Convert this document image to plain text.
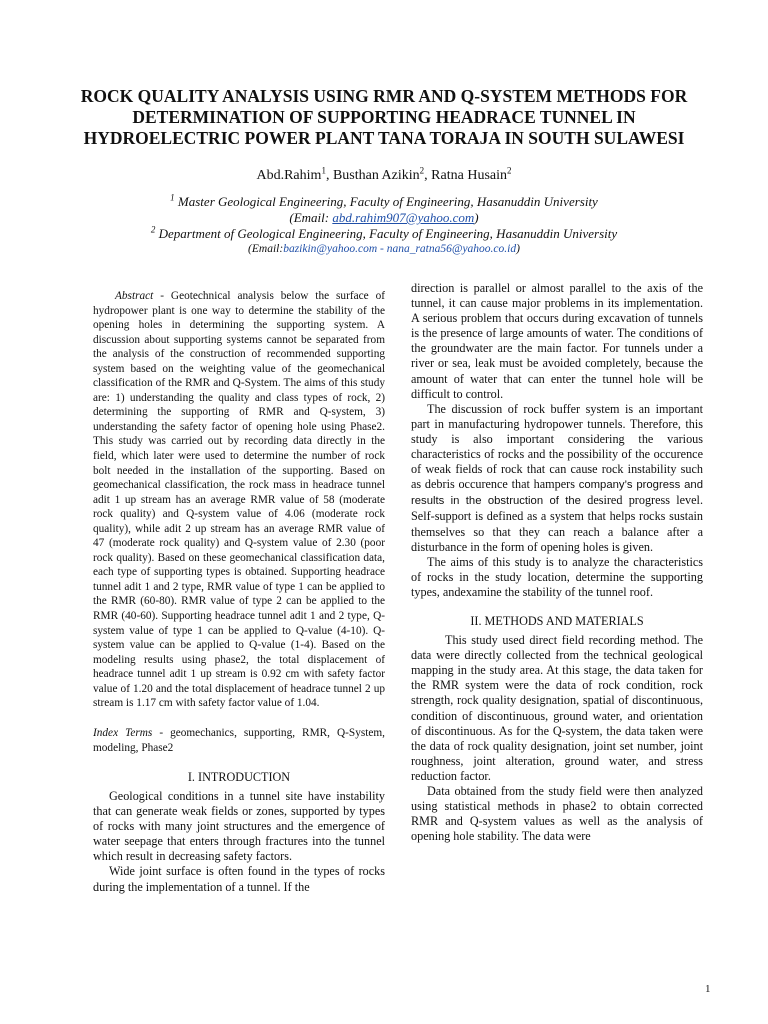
ROCK QUALITY ANALYSIS USING RMR AND Q-SYSTEM METHODS FOR
DETERMINATION OF SUPPORTING HEADRACE TUNNEL IN
HYDROELECTRIC POWER PLANT TANA TORAJA IN SOUTH SULAWESI
Abd.Rahim$^1$, Busthan Azikin$^2$, Ratna Husain$^2$
$^1$ Master Geological Engineering, Faculty of Engineering, Hasanuddin University
(Email: abd.rahim907@yahoo.com)
$^2$ Department of Geological Engineering, Faculty of Engineering, Hasanuddin University
(Email:bazikin@yahoo.com - nana_ratna56@yahoo.co.id)

Abstract - Geotechnical analysis below the surface of hydropower plant is one way to determine the stability of the opening holes in determining the supporting system. A discussion about supporting systems cannot be separated from the analysis of the construction of recommended supporting system based on the weighting value of the geomechanical classification of the RMR and Q-System. The aims of this study are: 1) understanding the quality and class types of rock, 2) determining the supporting of RMR and Q-system, 3) understanding the safety factor of opening hole using Phase2. This study was carried out by recording data directly in the field, which later were used to determine the number of rock bolt needed in the installation of the supporting. Based on geomechanical classification, the rock mass in headrace tunnel adit 1 up stream has an average RMR value of 58 (moderate rock quality) and Q-system value of 4.06 (moderate rock quality), while adit 2 up stream has an average RMR value of 47 (moderate rock quality) and Q-system value of 2.30 (poor rock quality). Based on these geomechanical classification data, each type of supporting types is obtained. Supporting headrace tunnel adit 1 and 2 type, RMR value of type 1 can be applied to the RMR (60-80). RMR value of type 2 can be applied to the RMR (40-60). Supporting headrace tunnel adit 1 and 2 type, Q-system value of type 1 can be applied to Q-value (4-10). Q-system value can be applied to Q-value (1-4). Based on the modeling results using phase2, the total displacement of headrace tunnel adit 1 up stream is 0.92 cm with safety factor value of 1.20 and the total displacement of headrace tunnel 2 up stream is 1.17 cm with safety factor value of 1.04.

Index Terms - geomechanics, supporting, RMR, Q-System, modeling, Phase2

I. INTRODUCTION

Geological conditions in a tunnel site have instability that can generate weak fields or zones, supported by types of rocks with many joint structures and the emergence of water seepage that enters through fractures into the tunnel which result in decreasing safety factors.

Wide joint surface is often found in the types of rocks during the implementation of a tunnel. If the

direction is parallel or almost parallel to the axis of the tunnel, it can cause major problems in its implementation. A serious problem that occurs during excavation of tunnels is the presence of large amounts of water. The conditions of the groundwater are the main factor. For tunnels under a river or sea, leak must be avoided completely, because the amount of water that can enter the tunnel hole will be difficult to control.

The discussion of rock buffer system is an important part in manufacturing hydropower tunnels. Therefore, this study is also important considering the various characteristics of rocks and the possibility of the occurence of weak fields of rock that can cause rock instability such as debris occurence that hampers company’s progress and results in the obstruction of the desired progress level. Self-support is defined as a system that helps rocks sustain themselves so that they can reach a balance after a disturbance in the form of opening holes is given.

The aims of this study is to analyze the characteristics of rocks in the study location, determine the supporting types, andexamine the stability of the tunnel roof.

II. METHODS AND MATERIALS

This study used direct field recording method. The data were directly collected from the technical geological mapping in the study area. At this stage, the data taken for the RMR system were the data of rock condition, rock strength, rock quality designation, spatial of discontinuous, condition of discontinuous, ground water, and orientation of discontinuous. As for the Q-system, the data taken were the data of rock quality designation, joint set number, joint roughness, joint alteration, ground water, and stress reduction factor.

Data obtained from the study field were then analyzed using statistical methods in phase2 to obtain corrected RMR and Q-system values as well as the analysis of opening hole stability. The data were

1
